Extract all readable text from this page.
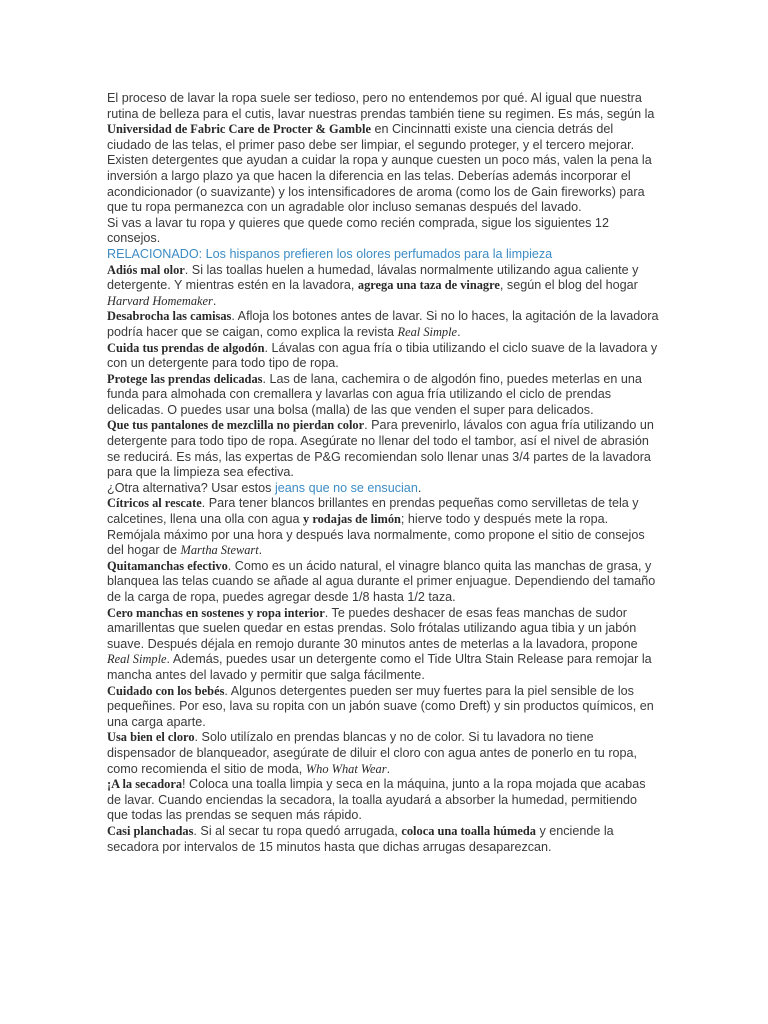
El proceso de lavar la ropa suele ser tedioso, pero no entendemos por qué. Al igual que nuestra rutina de belleza para el cutis, lavar nuestras prendas también tiene su regimen. Es más, según la Universidad de Fabric Care de Procter & Gamble en Cincinnatti existe una ciencia detrás del ciudado de las telas, el primer paso debe ser limpiar, el segundo proteger, y el tercero mejorar.

Existen detergentes que ayudan a cuidar la ropa y aunque cuesten un poco más, valen la pena la inversión a largo plazo ya que hacen la diferencia en las telas. Deberías además incorporar el acondicionador (o suavizante) y los intensificadores de aroma (como los de Gain fireworks) para que tu ropa permanezca con un agradable olor incluso semanas después del lavado.

Si vas a lavar tu ropa y quieres que quede como recién comprada, sigue los siguientes 12 consejos.

RELACIONADO: Los hispanos prefieren los olores perfumados para la limpieza

Adiós mal olor. Si las toallas huelen a humedad, lávalas normalmente utilizando agua caliente y detergente. Y mientras estén en la lavadora, agrega una taza de vinagre, según el blog del hogar Harvard Homemaker.

Desabrocha las camisas. Afloja los botones antes de lavar. Si no lo haces, la agitación de la lavadora podría hacer que se caigan, como explica la revista Real Simple.

Cuida tus prendas de algodón. Lávalas con agua fría o tibia utilizando el ciclo suave de la lavadora y con un detergente para todo tipo de ropa.

Protege las prendas delicadas. Las de lana, cachemira o de algodón fino, puedes meterlas en una funda para almohada con cremallera y lavarlas con agua fría utilizando el ciclo de prendas delicadas. O puedes usar una bolsa (malla) de las que venden el super para delicados.

Que tus pantalones de mezclilla no pierdan color. Para prevenirlo, lávalos con agua fría utilizando un detergente para todo tipo de ropa. Asegúrate no llenar del todo el tambor, así el nivel de abrasión se reducirá. Es más, las expertas de P&G recomiendan solo llenar unas 3/4 partes de la lavadora para que la limpieza sea efectiva.

¿Otra alternativa? Usar estos jeans que no se ensucian.

Cítricos al rescate. Para tener blancos brillantes en prendas pequeñas como servilletas de tela y calcetines, llena una olla con agua y rodajas de limón; hierve todo y después mete la ropa. Remójala máximo por una hora y después lava normalmente, como propone el sitio de consejos del hogar de Martha Stewart.

Quitamanchas efectivo. Como es un ácido natural, el vinagre blanco quita las manchas de grasa, y blanquea las telas cuando se añade al agua durante el primer enjuague. Dependiendo del tamaño de la carga de ropa, puedes agregar desde 1/8 hasta 1/2 taza.

Cero manchas en sostenes y ropa interior. Te puedes deshacer de esas feas manchas de sudor amarillentas que suelen quedar en estas prendas. Solo frótalas utilizando agua tibia y un jabón suave. Después déjala en remojo durante 30 minutos antes de meterlas a la lavadora, propone Real Simple. Además, puedes usar un detergente como el Tide Ultra Stain Release para remojar la mancha antes del lavado y permitir que salga fácilmente.

Cuidado con los bebés. Algunos detergentes pueden ser muy fuertes para la piel sensible de los pequeñines. Por eso, lava su ropita con un jabón suave (como Dreft) y sin productos químicos, en una carga aparte.

Usa bien el cloro. Solo utilízalo en prendas blancas y no de color. Si tu lavadora no tiene dispensador de blanqueador, asegúrate de diluir el cloro con agua antes de ponerlo en tu ropa, como recomienda el sitio de moda, Who What Wear.

¡A la secadora! Coloca una toalla limpia y seca en la máquina, junto a la ropa mojada que acabas de lavar. Cuando enciendas la secadora, la toalla ayudará a absorber la humedad, permitiendo que todas las prendas se sequen más rápido.

Casi planchadas. Si al secar tu ropa quedó arrugada, coloca una toalla húmeda y enciende la secadora por intervalos de 15 minutos hasta que dichas arrugas desaparezcan.
